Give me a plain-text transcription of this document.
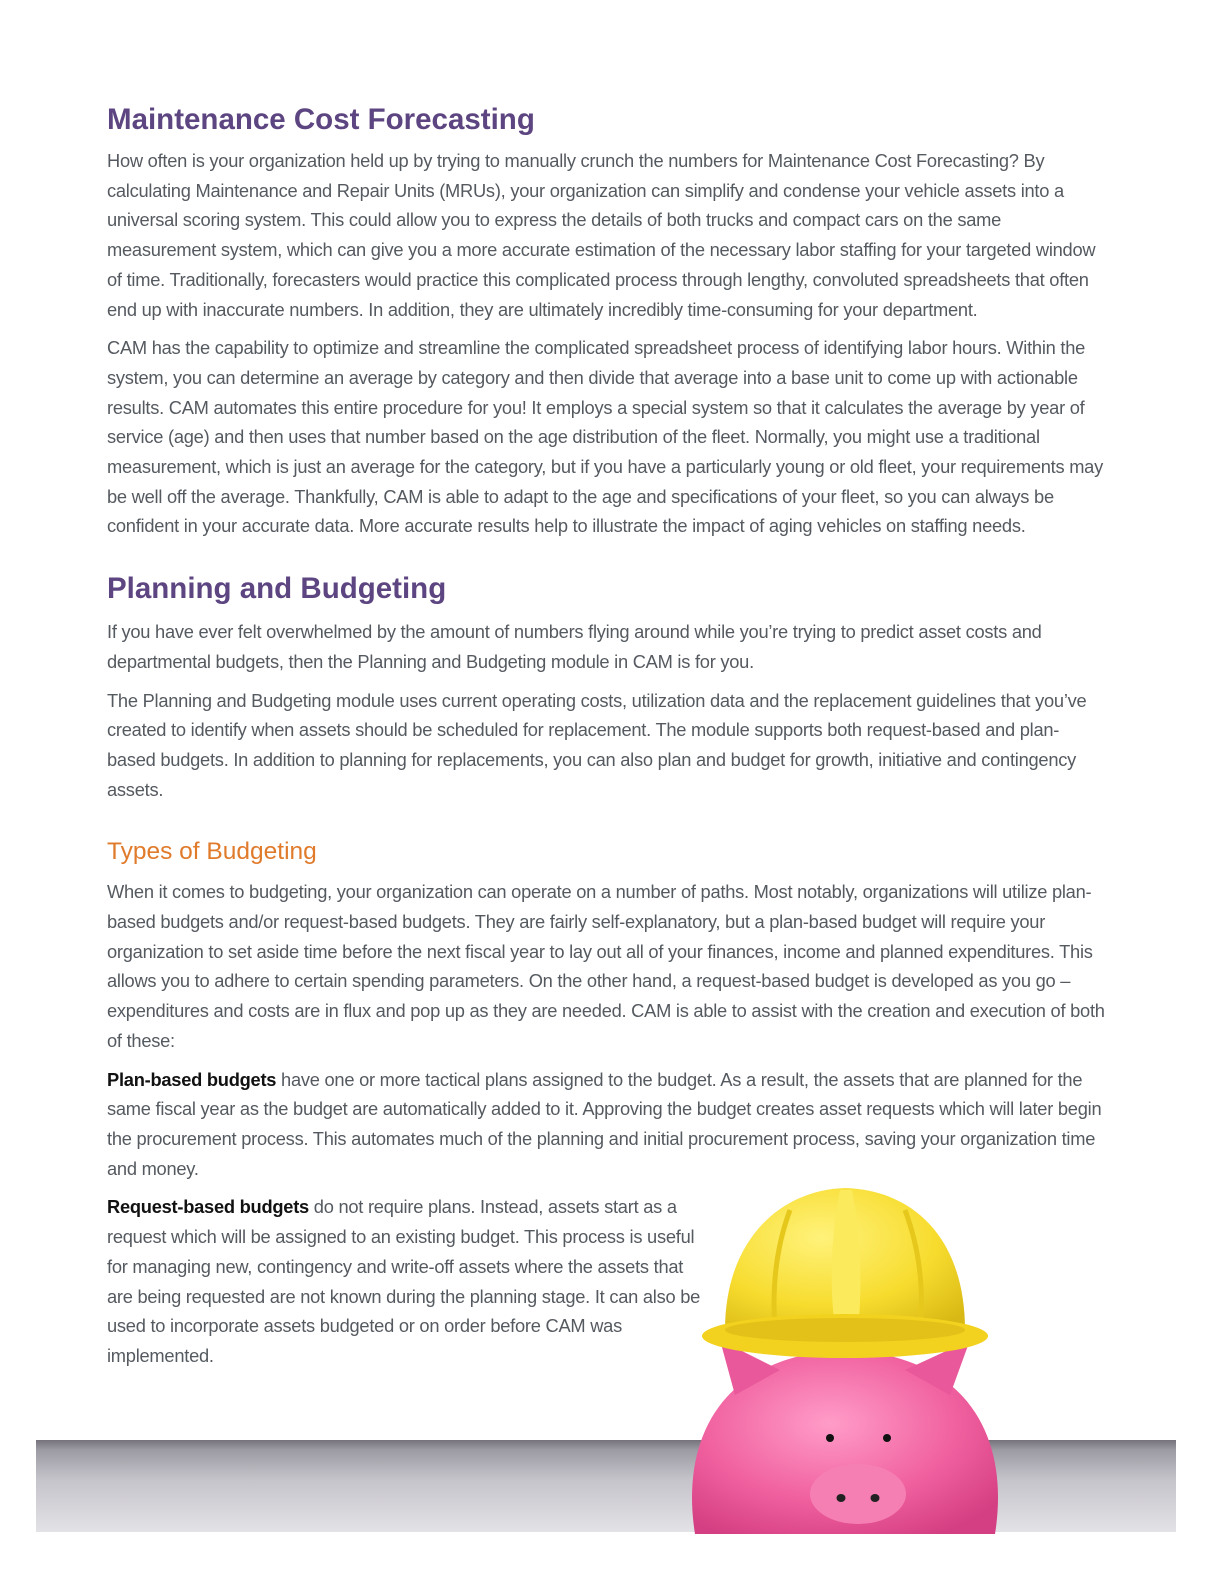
Maintenance Cost Forecasting

How often is your organization held up by trying to manually crunch the numbers for Maintenance Cost Forecasting? By calculating Maintenance and Repair Units (MRUs), your organization can simplify and condense your vehicle assets into a universal scoring system. This could allow you to express the details of both trucks and compact cars on the same measurement system, which can give you a more accurate estimation of the necessary labor staffing for your targeted window of time. Traditionally, forecasters would practice this complicated process through lengthy, convoluted spreadsheets that often end up with inaccurate numbers. In addition, they are ultimately incredibly time-consuming for your department.

CAM has the capability to optimize and streamline the complicated spreadsheet process of identifying labor hours. Within the system, you can determine an average by category and then divide that average into a base unit to come up with actionable results. CAM automates this entire procedure for you! It employs a special system so that it calculates the average by year of service (age) and then uses that number based on the age distribution of the fleet. Normally, you might use a traditional measurement, which is just an average for the category, but if you have a particularly young or old fleet, your requirements may be well off the average. Thankfully, CAM is able to adapt to the age and specifications of your fleet, so you can always be confident in your accurate data. More accurate results help to illustrate the impact of aging vehicles on staffing needs.

Planning and Budgeting

If you have ever felt overwhelmed by the amount of numbers flying around while you’re trying to predict asset costs and departmental budgets, then the Planning and Budgeting module in CAM is for you.

The Planning and Budgeting module uses current operating costs, utilization data and the replacement guidelines that you’ve created to identify when assets should be scheduled for replacement. The module supports both request-based and plan-based budgets. In addition to planning for replacements, you can also plan and budget for growth, initiative and contingency assets.

Types of Budgeting

When it comes to budgeting, your organization can operate on a number of paths. Most notably, organizations will utilize plan-based budgets and/or request-based budgets. They are fairly self-explanatory, but a plan-based budget will require your organization to set aside time before the next fiscal year to lay out all of your finances, income and planned expenditures. This allows you to adhere to certain spending parameters. On the other hand, a request-based budget is developed as you go – expenditures and costs are in flux and pop up as they are needed. CAM is able to assist with the creation and execution of both of these:

Plan-based budgets have one or more tactical plans assigned to the budget. As a result, the assets that are planned for the same fiscal year as the budget are automatically added to it. Approving the budget creates asset requests which will later begin the procurement process. This automates much of the planning and initial procurement process, saving your organization time and money.

Request-based budgets do not require plans. Instead, assets start as a request which will be assigned to an existing budget. This process is useful for managing new, contingency and write-off assets where the assets that are being requested are not known during the planning stage. It can also be used to incorporate assets budgeted or on order before CAM was implemented.
